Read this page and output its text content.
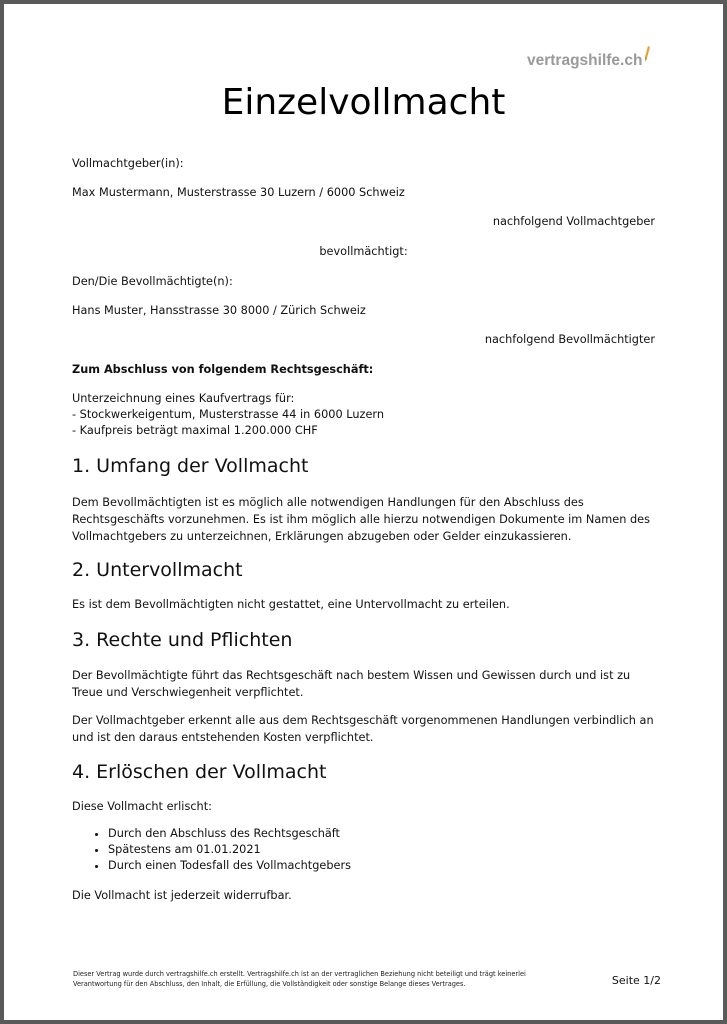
vertragshilfe.ch
Einzelvollmacht
Vollmachtgeber(in):
Max Mustermann, Musterstrasse 30 Luzern / 6000 Schweiz
nachfolgend Vollmachtgeber
bevollmächtigt:
Den/Die Bevollmächtigte(n):
Hans Muster, Hansstrasse 30 8000 / Zürich Schweiz
nachfolgend Bevollmächtigter
Zum Abschluss von folgendem Rechtsgeschäft:
Unterzeichnung eines Kaufvertrags für:
- Stockwerkeigentum, Musterstrasse 44 in 6000 Luzern
- Kaufpreis beträgt maximal 1.200.000 CHF
1. Umfang der Vollmacht
Dem Bevollmächtigten ist es möglich alle notwendigen Handlungen für den Abschluss des Rechtsgeschäfts vorzunehmen. Es ist ihm möglich alle hierzu notwendigen Dokumente im Namen des Vollmachtgebers zu unterzeichnen, Erklärungen abzugeben oder Gelder einzukassieren.
2. Untervollmacht
Es ist dem Bevollmächtigten nicht gestattet, eine Untervollmacht zu erteilen.
3. Rechte und Pflichten
Der Bevollmächtigte führt das Rechtsgeschäft nach bestem Wissen und Gewissen durch und ist zu Treue und Verschwiegenheit verpflichtet.
Der Vollmachtgeber erkennt alle aus dem Rechtsgeschäft vorgenommenen Handlungen verbindlich an und ist den daraus entstehenden Kosten verpflichtet.
4. Erlöschen der Vollmacht
Diese Vollmacht erlischt:
• Durch den Abschluss des Rechtsgeschäft
• Spätestens am 01.01.2021
• Durch einen Todesfall des Vollmachtgebers
Die Vollmacht ist jederzeit widerrufbar.
Dieser Vertrag wurde durch vertragshilfe.ch erstellt. Vertragshilfe.ch ist an der vertraglichen Beziehung nicht beteiligt und trägt keinerlei Verantwortung für den Abschluss, den Inhalt, die Erfüllung, die Vollständigkeit oder sonstige Belange dieses Vertrages.	Seite 1/2
